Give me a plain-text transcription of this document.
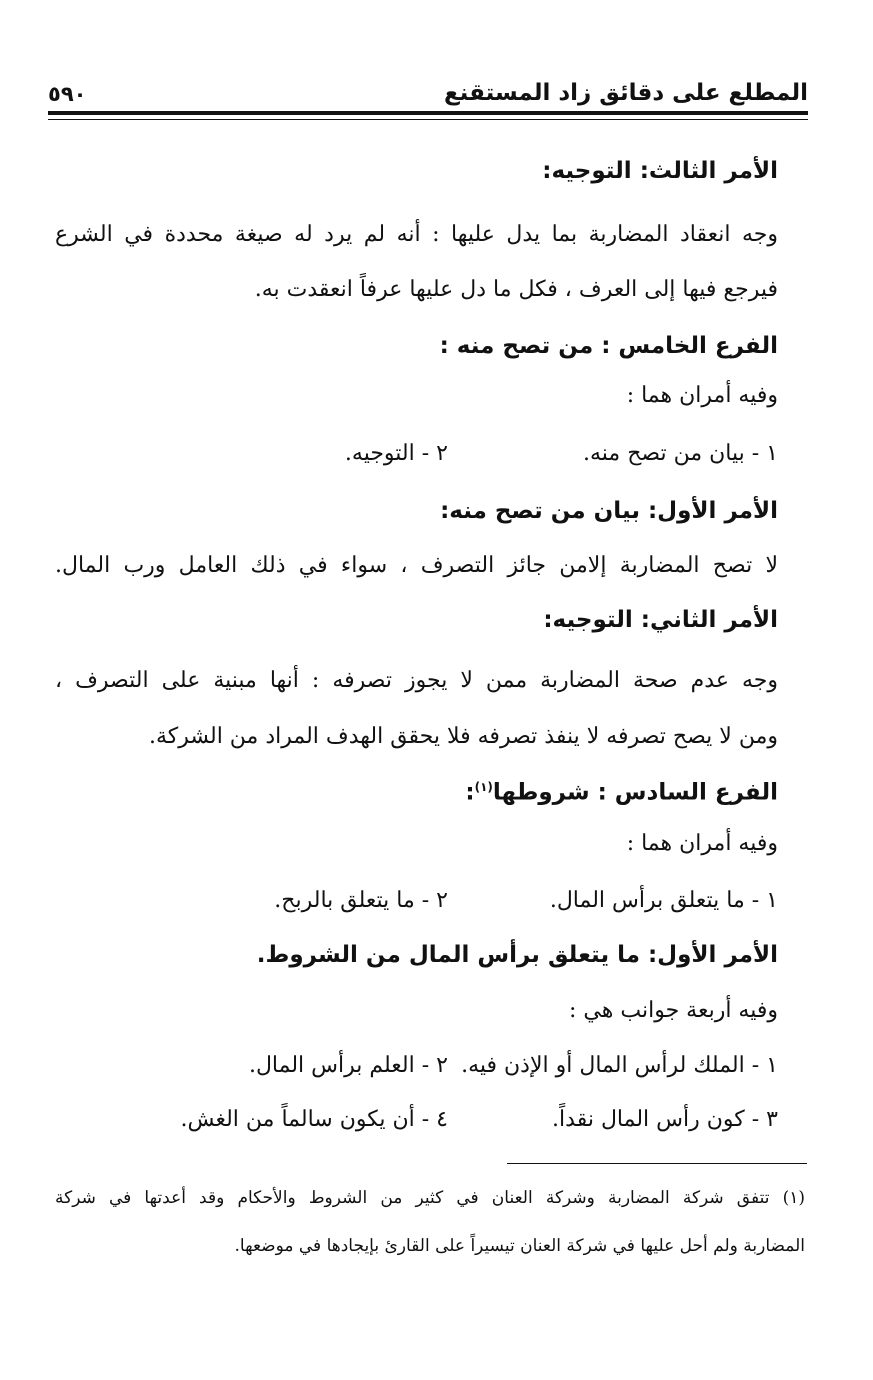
المطلع على دقائق زاد المستقنع
٥٩٠
الأمر الثالث: التوجيه:
وجه انعقاد المضاربة بما يدل عليها : أنه لم يرد له صيغة محددة في الشرع
فيرجع فيها إلى العرف ، فكل ما دل عليها عرفاً انعقدت به.
الفرع الخامس : من تصح منه :
وفيه أمران هما :
١ - بيان من تصح منه.
٢ - التوجيه.
الأمر الأول: بيان من تصح منه:
لا تصح المضاربة إلامن جائز التصرف ، سواء في ذلك العامل ورب المال.
الأمر الثاني: التوجيه:
وجه عدم صحة المضاربة ممن لا يجوز تصرفه : أنها مبنية على التصرف ،
ومن لا يصح تصرفه لا ينفذ تصرفه فلا يحقق الهدف المراد من الشركة.
الفرع السادس : شروطها$^{(١)}$:
وفيه أمران هما :
١ - ما يتعلق برأس المال.
٢ - ما يتعلق بالربح.
الأمر الأول: ما يتعلق برأس المال من الشروط.
وفيه أربعة جوانب هي :
١ - الملك لرأس المال أو الإذن فيه.
٢ - العلم برأس المال.
٣ - كون رأس المال نقداً.
٤ - أن يكون سالماً من الغش.
(١) تتفق شركة المضاربة وشركة العنان في كثير من الشروط والأحكام وقد أعدتها في شركة
المضاربة ولم أحل عليها في شركة العنان تيسيراً على القارئ بإيجادها في موضعها.
